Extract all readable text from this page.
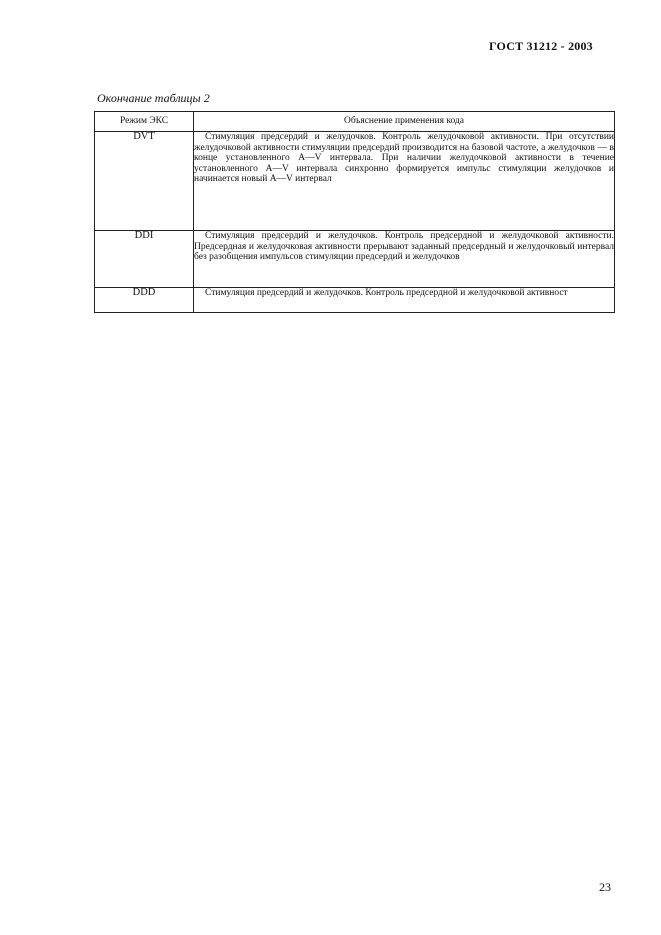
ГОСТ 31212 - 2003
Окончание таблицы 2
Режим ЭКС	Объяснение применения кода
DVT	Стимуляция предсердий и желудочков. Контроль желудочковой активности. При отсутствии желудочковой активности стимуляции предсердий производится на базовой частоте, а желудочков — в конце установленного A—V интервала. При наличии желудочковой активности в течение установленного A—V интервала синхронно формируется импульс стимуляции желудочков и начинается новый A—V интервал
DDI	Стимуляция предсердий и желудочков. Контроль предсердной и желудочковой активности. Предсердная и желудочковая активности прерывают заданный предсердный и желудочковый интервал без разобщения импульсов стимуляции предсердий и желудочков
DDD	Стимуляция предсердий и желудочков. Контроль предсердной и желудочковой активност
23
